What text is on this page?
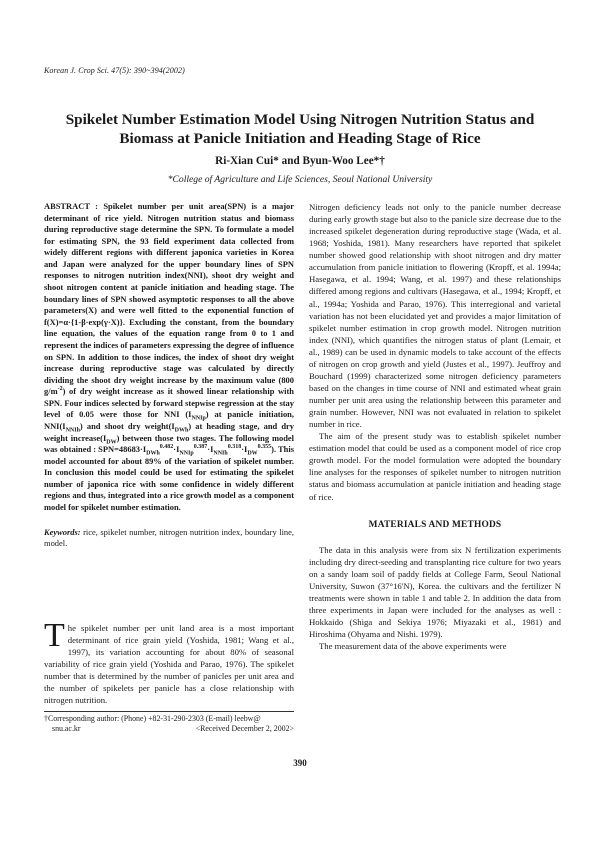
Korean J. Crop Sci. 47(5): 390~394(2002)
Spikelet Number Estimation Model Using Nitrogen Nutrition Status and
Biomass at Panicle Initiation and Heading Stage of Rice
Ri-Xian Cui* and Byun-Woo Lee*†
*College of Agriculture and Life Sciences, Seoul National University

ABSTRACT : Spikelet number per unit area(SPN) is a major determinant of rice yield. Nitrogen nutrition status and biomass during reproductive stage determine the SPN. To formulate a model for estimating SPN, the 93 field experiment data collected from widely different regions with different japonica varieties in Korea and Japan were analyzed for the upper boundary lines of SPN responses to nitrogen nutrition index(NNI), shoot dry weight and shoot nitrogen content at panicle initiation and heading stage. The boundary lines of SPN showed asymptotic responses to all the above parameters(X) and were well fitted to the exponential function of f(X)=α·{1-β·exp(γ·X)}. Excluding the constant, from the boundary line equation, the values of the equation range from 0 to 1 and represent the indices of parameters expressing the degree of influence on SPN. In addition to those indices, the index of shoot dry weight increase during reproductive stage was calculated by directly dividing the shoot dry weight increase by the maximum value (800 $g/m^{-2}$) of dry weight increase as it showed linear relationship with SPN. Four indices selected by forward stepwise regression at the stay level of 0.05 were those for NNI $(I_{NNIp})$ at panicle initiation, $NNI(I_{NNIh})$ and shoot dry $weight(I_{DWh})$ at heading stage, and dry weight $increase(I_{DW})$ between those two stages. The following model was obtained : $SPN=48683\cdot I_{DWh}^{0.482}\cdot I_{NNIp}^{0.387}\cdot I_{NNIh}^{0.318}\cdot I_{DW}^{0.355}$). This model accounted for about 89% of the variation of spikelet number. In conclusion this model could be used for estimating the spikelet number of japonica rice with some confidence in widely different regions and thus, integrated into a rice growth model as a component model for spikelet number estimation.

Keywords: rice, spikelet number, nitrogen nutrition index, boundary line, model.

The spikelet number per unit land area is a most important determinant of rice grain yield (Yoshida, 1981; Wang et al., 1997), its variation accounting for about 80% of seasonal variability of rice grain yield (Yoshida and Parao, 1976). The spikelet number that is determined by the number of panicles per unit area and the number of spikelets per panicle has a close relationship with nitrogen nutrition.

†Corresponding author: (Phone) +82-31-290-2303 (E-mail) leebw@
snu.ac.kr	<Received December 2, 2002>

Nitrogen deficiency leads not only to the panicle number decrease during early growth stage but also to the panicle size decrease due to the increased spikelet degeneration during reproductive stage (Wada, et al. 1968; Yoshida, 1981). Many researchers have reported that spikelet number showed good relationship with shoot nitrogen and dry matter accumulation from panicle initiation to flowering (Kropff, et al. 1994a; Hasegawa, et al. 1994; Wang, et al. 1997) and these relationships differed among regions and cultivars (Hasegawa, et al., 1994; Kropff, et al., 1994a; Yoshida and Parao, 1976). This interregional and varietal variation has not been elucidated yet and provides a major limitation of spikelet number estimation in crop growth model. Nitrogen nutrition index (NNI), which quantifies the nitrogen status of plant (Lemair, et al., 1989) can be used in dynamic models to take account of the effects of nitrogen on crop growth and yield (Justes et al., 1997). Jeuffroy and Bouchard (1999) characterized some nitrogen deficiency parameters based on the changes in time course of NNI and estimated wheat grain number per unit area using the relationship between this parameter and grain number. However, NNI was not evaluated in relation to spikelet number in rice.

The aim of the present study was to establish spikelet number estimation model that could be used as a component model of rice crop growth model. For the model formulation were adopted the boundary line analyses for the responses of spikelet number to nitrogen nutrition status and biomass accumulation at panicle initiation and heading stage of rice.

MATERIALS AND METHODS

The data in this analysis were from six N fertilization experiments including dry direct-seeding and transplanting rice culture for two years on a sandy loam soil of paddy fields at College Farm, Seoul National University, Suwon (37°16'N), Korea. the cultivars and the fertilizer N treatments were shown in table 1 and table 2. In addition the data from three experiments in Japan were included for the analyses as well : Hokkaido (Shiga and Sekiya 1976; Miyazaki et al., 1981) and Hiroshima (Ohyama and Nishi. 1979).

The measurement data of the above experiments were

390
